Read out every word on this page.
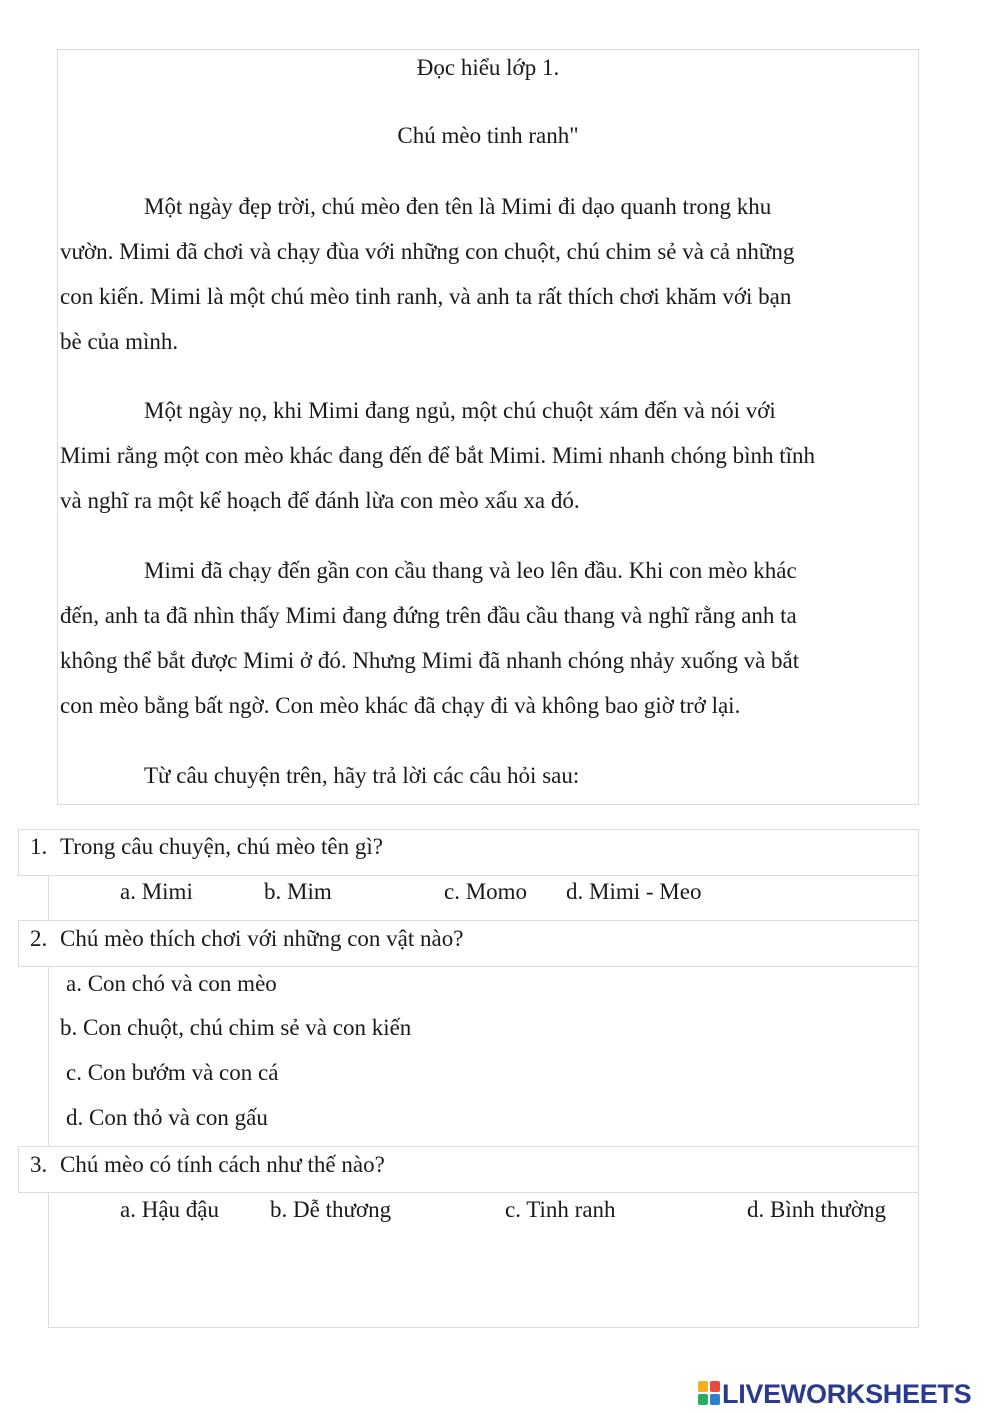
Đọc hiểu lớp 1.
Chú mèo tinh ranh"
Một ngày đẹp trời, chú mèo đen tên là Mimi đi dạo quanh trong khu
vườn. Mimi đã chơi và chạy đùa với những con chuột, chú chim sẻ và cả những
con kiến. Mimi là một chú mèo tinh ranh, và anh ta rất thích chơi khăm với bạn
bè của mình.
Một ngày nọ, khi Mimi đang ngủ, một chú chuột xám đến và nói với
Mimi rằng một con mèo khác đang đến để bắt Mimi. Mimi nhanh chóng bình tĩnh
và nghĩ ra một kế hoạch để đánh lừa con mèo xấu xa đó.
Mimi đã chạy đến gần con cầu thang và leo lên đầu. Khi con mèo khác
đến, anh ta đã nhìn thấy Mimi đang đứng trên đầu cầu thang và nghĩ rằng anh ta
không thể bắt được Mimi ở đó. Nhưng Mimi đã nhanh chóng nhảy xuống và bắt
con mèo bằng bất ngờ. Con mèo khác đã chạy đi và không bao giờ trở lại.
Từ câu chuyện trên, hãy trả lời các câu hỏi sau:
1. Trong câu chuyện, chú mèo tên gì?
a. Mimi	b. Mim	c. Momo d. Mimi - Meo
2. Chú mèo thích chơi với những con vật nào?
a. Con chó và con mèo
b. Con chuột, chú chim sẻ và con kiến
c. Con bướm và con cá
d. Con thỏ và con gấu
3. Chú mèo có tính cách như thế nào?
a. Hậu đậu b. Dễ thương	c. Tinh ranh	d. Bình thường
LIVEWORKSHEETS
